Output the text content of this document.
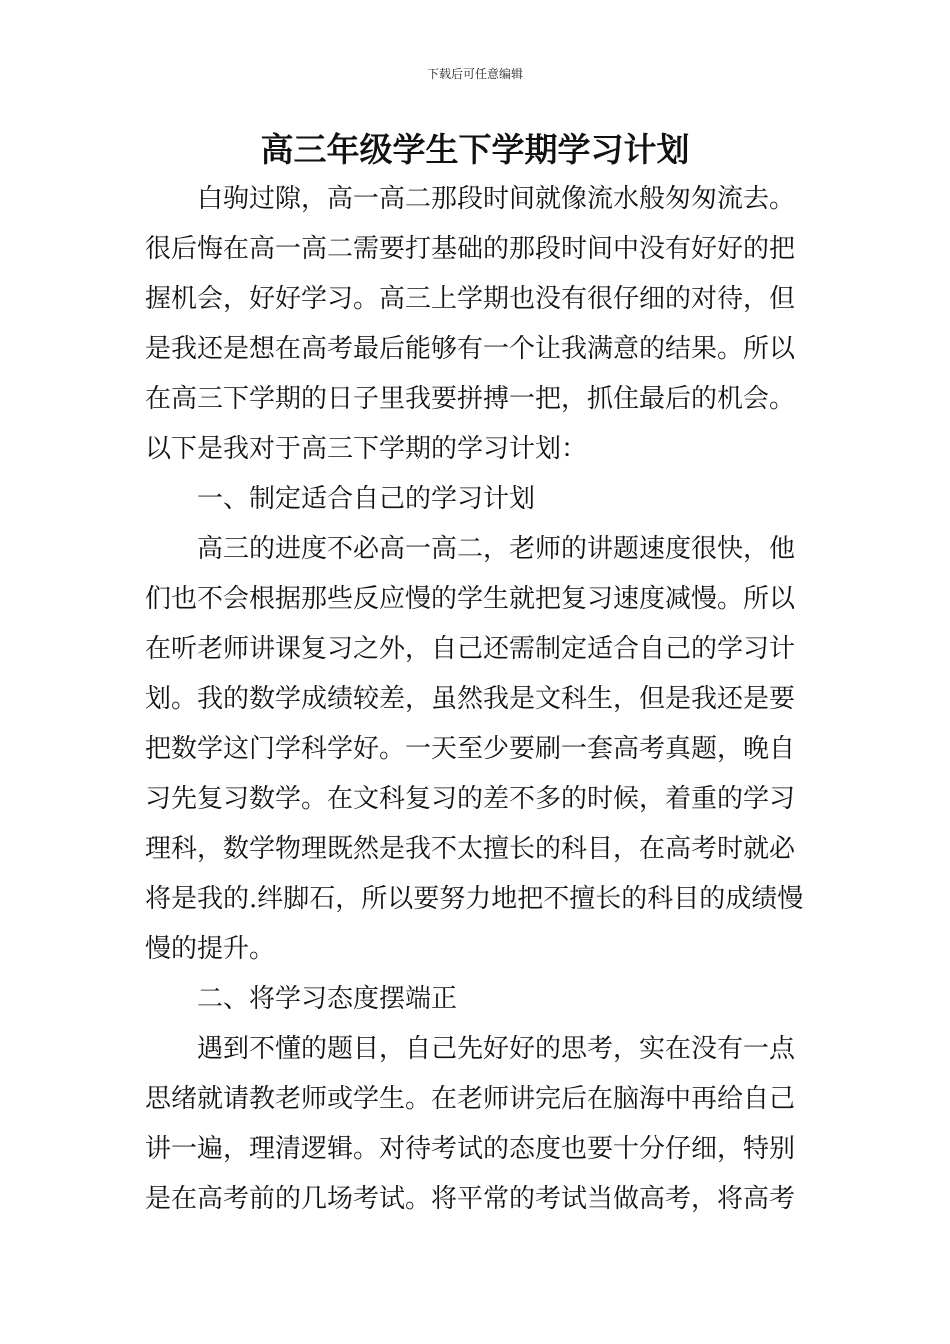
下载后可任意编辑
高三年级学生下学期学习计划
白驹过隙，高一高二那段时间就像流水般匆匆流去。
很后悔在高一高二需要打基础的那段时间中没有好好的把
握机会，好好学习。高三上学期也没有很仔细的对待，但
是我还是想在高考最后能够有一个让我满意的结果。所以
在高三下学期的日子里我要拼搏一把，抓住最后的机会。
以下是我对于高三下学期的学习计划：
一、制定适合自己的学习计划
高三的进度不必高一高二，老师的讲题速度很快，他
们也不会根据那些反应慢的学生就把复习速度减慢。所以
在听老师讲课复习之外，自己还需制定适合自己的学习计
划。我的数学成绩较差，虽然我是文科生，但是我还是要
把数学这门学科学好。一天至少要刷一套高考真题，晚自
习先复习数学。在文科复习的差不多的时候，着重的学习
理科，数学物理既然是我不太擅长的科目，在高考时就必
将是我的.绊脚石，所以要努力地把不擅长的科目的成绩慢
慢的提升。
二、将学习态度摆端正
遇到不懂的题目，自己先好好的思考，实在没有一点
思绪就请教老师或学生。在老师讲完后在脑海中再给自己
讲一遍，理清逻辑。对待考试的态度也要十分仔细，特别
是在高考前的几场考试。将平常的考试当做高考，将高考
